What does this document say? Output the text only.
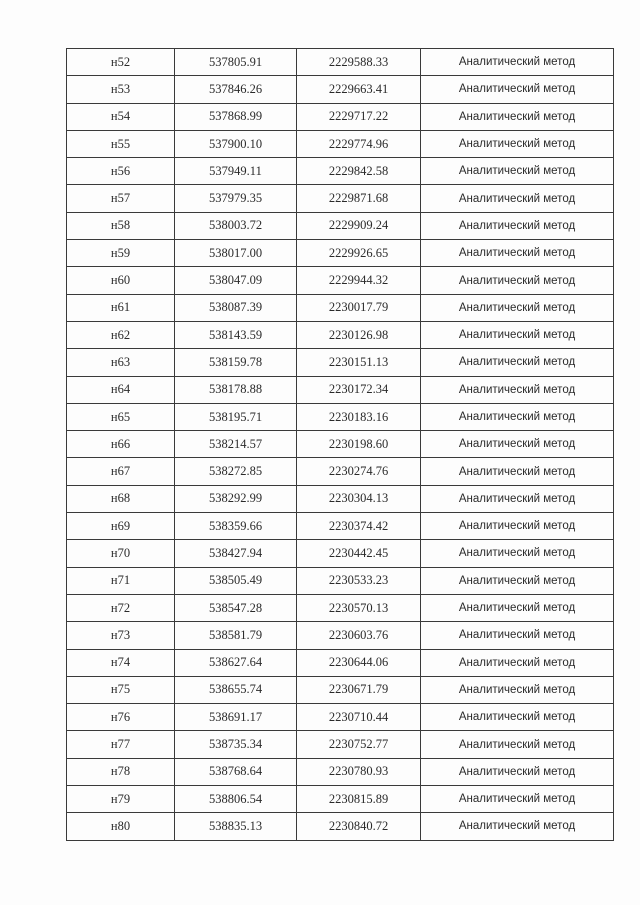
н52	537805.91	2229588.33	Аналитический метод
н53	537846.26	2229663.41	Аналитический метод
н54	537868.99	2229717.22	Аналитический метод
н55	537900.10	2229774.96	Аналитический метод
н56	537949.11	2229842.58	Аналитический метод
н57	537979.35	2229871.68	Аналитический метод
н58	538003.72	2229909.24	Аналитический метод
н59	538017.00	2229926.65	Аналитический метод
н60	538047.09	2229944.32	Аналитический метод
н61	538087.39	2230017.79	Аналитический метод
н62	538143.59	2230126.98	Аналитический метод
н63	538159.78	2230151.13	Аналитический метод
н64	538178.88	2230172.34	Аналитический метод
н65	538195.71	2230183.16	Аналитический метод
н66	538214.57	2230198.60	Аналитический метод
н67	538272.85	2230274.76	Аналитический метод
н68	538292.99	2230304.13	Аналитический метод
н69	538359.66	2230374.42	Аналитический метод
н70	538427.94	2230442.45	Аналитический метод
н71	538505.49	2230533.23	Аналитический метод
н72	538547.28	2230570.13	Аналитический метод
н73	538581.79	2230603.76	Аналитический метод
н74	538627.64	2230644.06	Аналитический метод
н75	538655.74	2230671.79	Аналитический метод
н76	538691.17	2230710.44	Аналитический метод
н77	538735.34	2230752.77	Аналитический метод
н78	538768.64	2230780.93	Аналитический метод
н79	538806.54	2230815.89	Аналитический метод
н80	538835.13	2230840.72	Аналитический метод
